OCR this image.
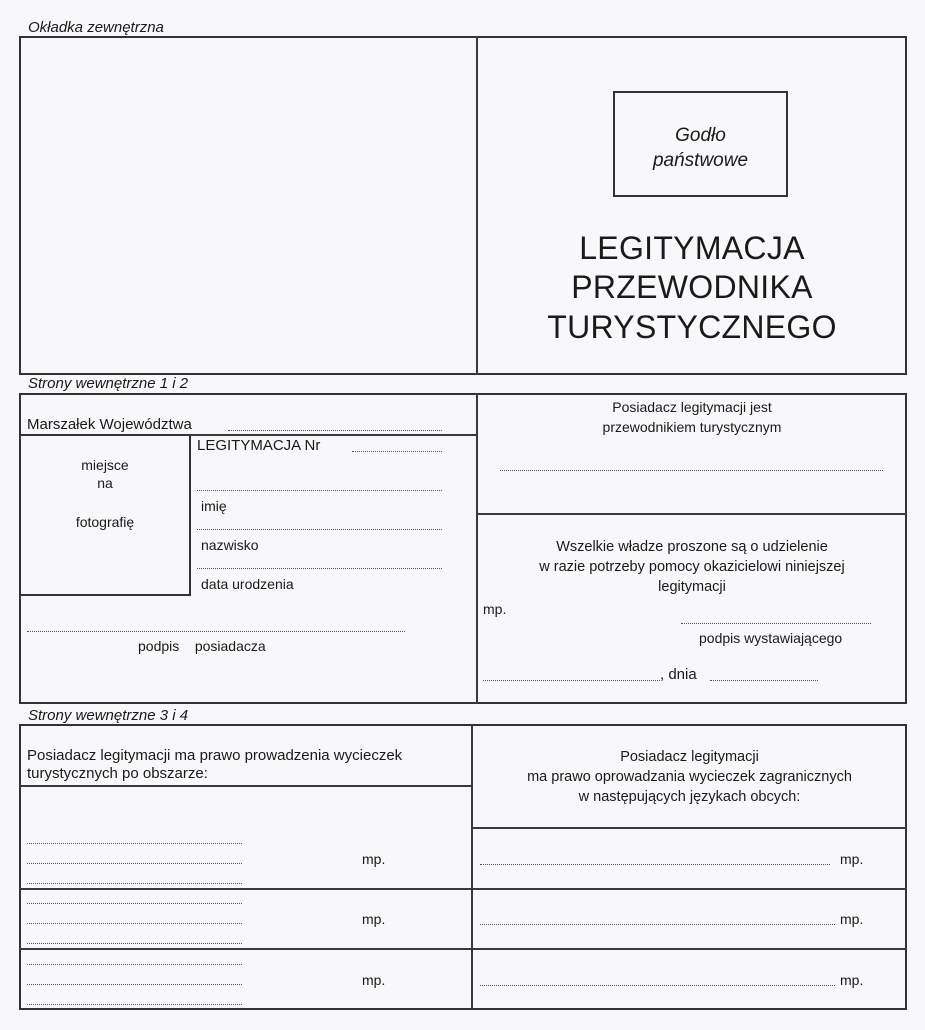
Okładka zewnętrzna
Godło
państwowe
LEGITYMACJA
PRZEWODNIKA
TURYSTYCZNEGO
Strony wewnętrzne 1 i 2
Marszałek Województwa
miejsce
na
fotografię
LEGITYMACJA Nr
imię
nazwisko
data urodzenia
podpis    posiadacza
Posiadacz legitymacji jest
przewodnikiem turystycznym
Wszelkie władze proszone są o udzielenie
w razie potrzeby pomocy okazicielowi niniejszej
legitymacji
mp.
podpis wystawiającego
, dnia
Strony wewnętrzne 3 i 4
Posiadacz legitymacji ma prawo prowadzenia wycieczek
turystycznych po obszarze:
mp.
mp.
mp.
Posiadacz legitymacji
ma prawo oprowadzania wycieczek zagranicznych
w następujących językach obcych:
mp.
mp.
mp.
